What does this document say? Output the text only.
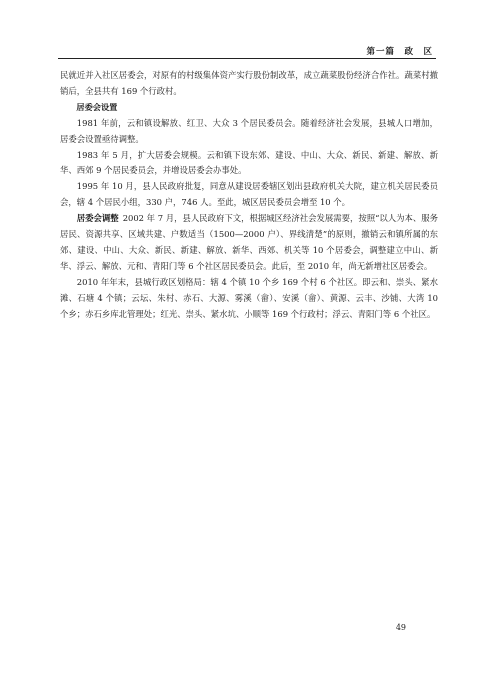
第一篇　政　区

民就近并入社区居委会，对原有的村级集体资产实行股份制改革，成立蔬菜股份经济合作社。蔬菜村撤销后，全县共有 169 个行政村。

居委会设置

1981 年前，云和镇设解放、红卫、大众 3 个居民委员会。随着经济社会发展，县城人口增加，居委会设置亟待调整。

1983 年 5 月，扩大居委会规模。云和镇下设东郊、建设、中山、大众、新民、新建、解放、新华、西郊 9 个居民委员会，并增设居委会办事处。

1995 年 10 月，县人民政府批复，同意从建设居委辖区划出县政府机关大院，建立机关居民委员会，辖 4 个居民小组，330 户，746 人。至此，城区居民委员会增至 10 个。

居委会调整 2002 年 7 月，县人民政府下文，根据城区经济社会发展需要，按照“以人为本、服务居民、资源共享、区域共建、户数适当（1500—2000 户）、界线清楚”的原则，撤销云和镇所属的东郊、建设、中山、大众、新民、新建、解放、新华、西郊、机关等 10 个居委会，调整建立中山、新华、浮云、解放、元和、青阳门等 6 个社区居民委员会。此后，至 2010 年，尚无新增社区居委会。

2010 年年末，县城行政区划格局：辖 4 个镇 10 个乡 169 个村 6 个社区。即云和、崇头、紧水滩、石塘 4 个镇；云坛、朱村、赤石、大源、雾溪（畲）、安溪（畲）、黄源、云丰、沙铺、大湾 10 个乡；赤石乡库北管理处；红光、崇头、紧水坑、小顺等 169 个行政村；浮云、青阳门等 6 个社区。

49
